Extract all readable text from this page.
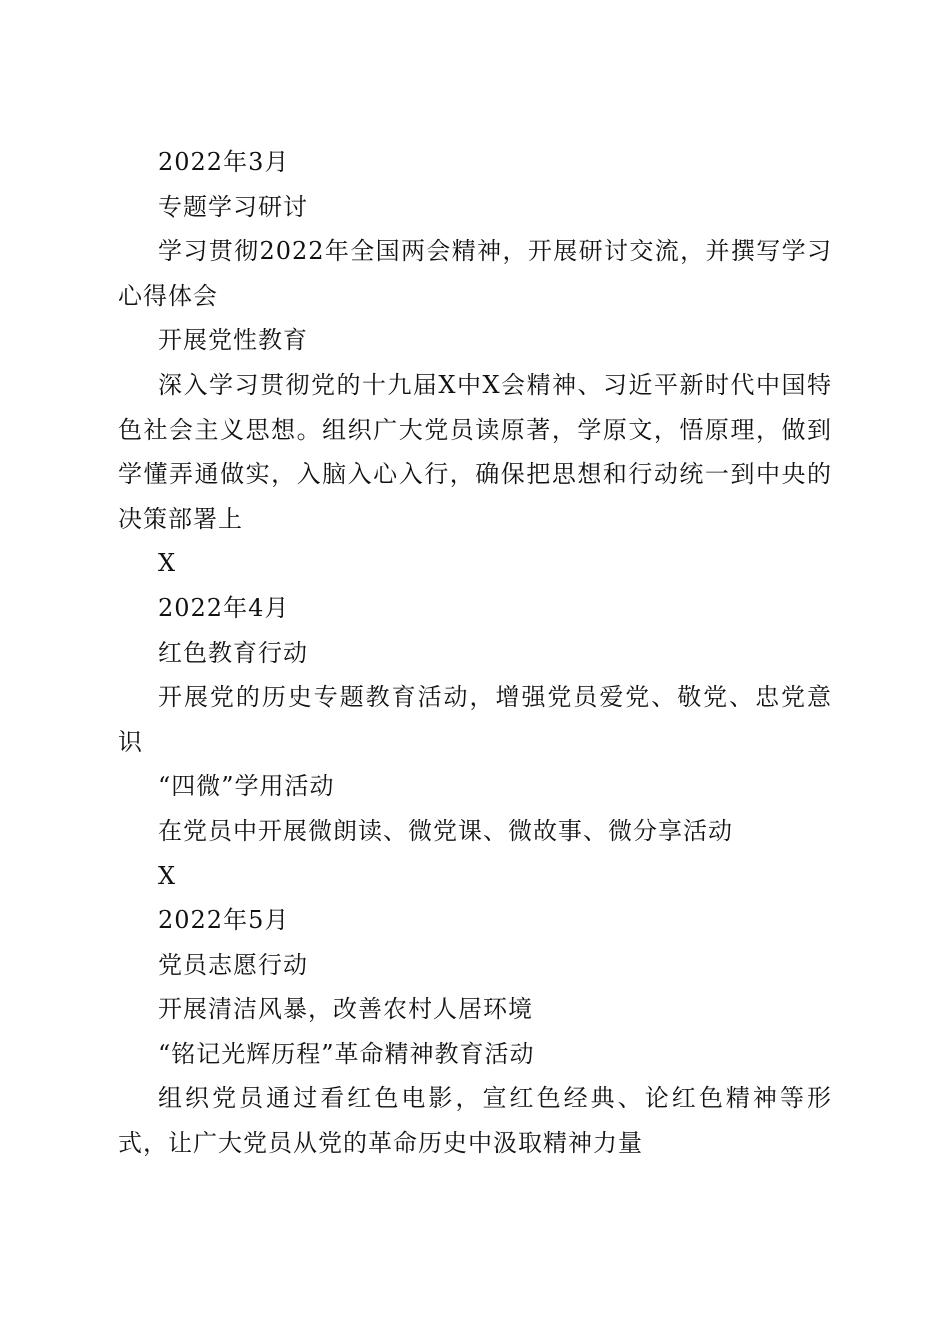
2022年3月

专题学习研讨

学习贯彻2022年全国两会精神，开展研讨交流，并撰写学习心得体会

开展党性教育

深入学习贯彻党的十九届X中X会精神、习近平新时代中国特色社会主义思想。组织广大党员读原著，学原文，悟原理，做到学懂弄通做实，入脑入心入行，确保把思想和行动统一到中央的决策部署上

X

2022年4月

红色教育行动

开展党的历史专题教育活动，增强党员爱党、敬党、忠党意识

“四微”学用活动

在党员中开展微朗读、微党课、微故事、微分享活动

X

2022年5月

党员志愿行动

开展清洁风暴，改善农村人居环境

“铭记光辉历程”革命精神教育活动

组织党员通过看红色电影，宣红色经典、论红色精神等形式，让广大党员从党的革命历史中汲取精神力量
